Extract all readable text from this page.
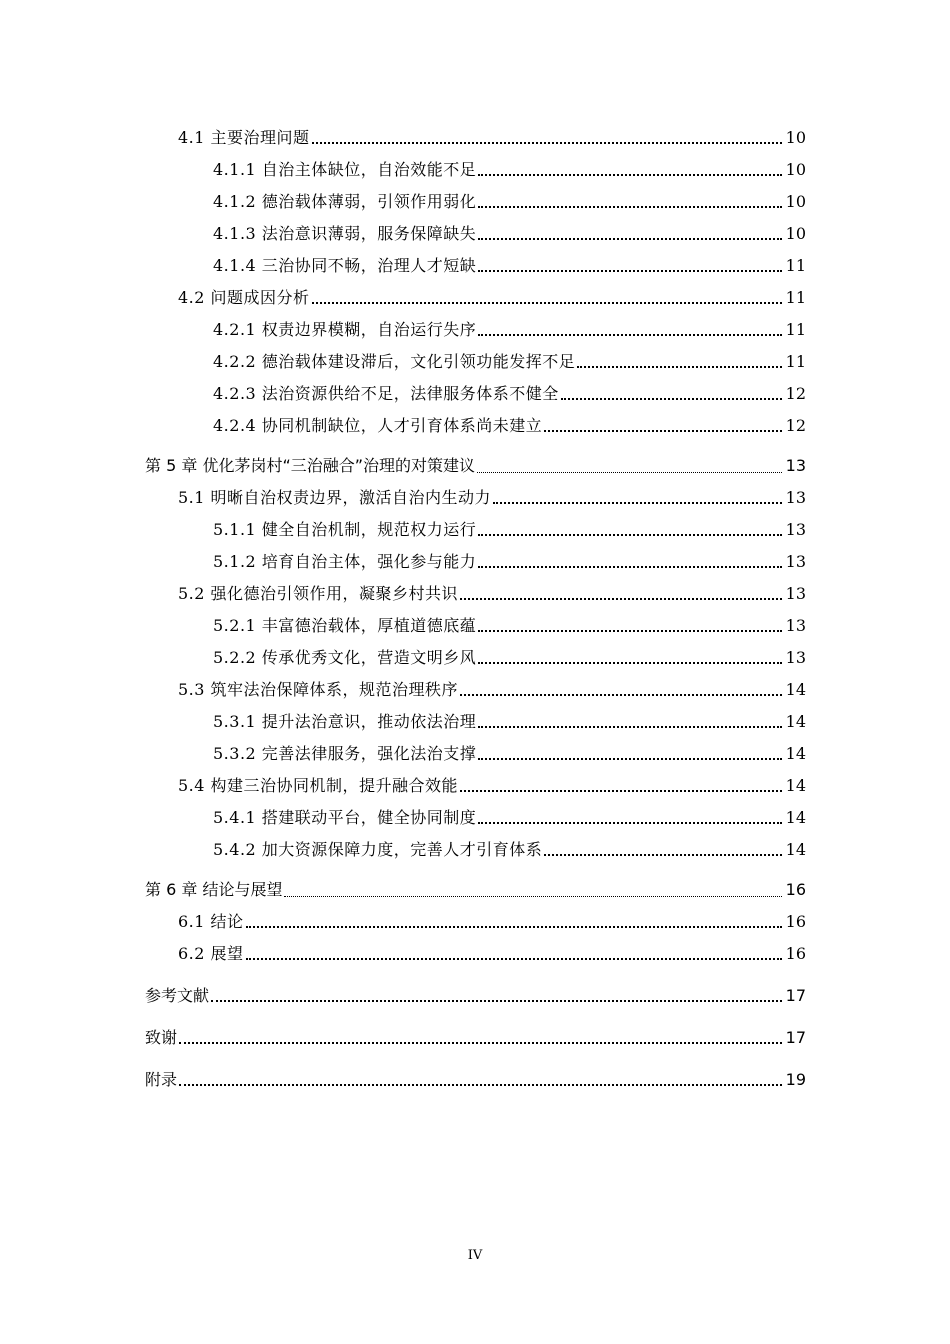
4.1 主要治理问题	10
4.1.1 自治主体缺位，自治效能不足	10
4.1.2 德治载体薄弱，引领作用弱化	10
4.1.3 法治意识薄弱，服务保障缺失	10
4.1.4 三治协同不畅，治理人才短缺	11
4.2 问题成因分析	11
4.2.1 权责边界模糊，自治运行失序	11
4.2.2 德治载体建设滞后，文化引领功能发挥不足	11
4.2.3 法治资源供给不足，法律服务体系不健全	12
4.2.4 协同机制缺位，人才引育体系尚未建立	12
第 5 章 优化茅岗村“三治融合”治理的对策建议	13
5.1 明晰自治权责边界，激活自治内生动力	13
5.1.1 健全自治机制，规范权力运行	13
5.1.2 培育自治主体，强化参与能力	13
5.2 强化德治引领作用，凝聚乡村共识	13
5.2.1 丰富德治载体，厚植道德底蕴	13
5.2.2 传承优秀文化，营造文明乡风	13
5.3 筑牢法治保障体系，规范治理秩序	14
5.3.1 提升法治意识，推动依法治理	14
5.3.2 完善法律服务，强化法治支撑	14
5.4 构建三治协同机制，提升融合效能	14
5.4.1 搭建联动平台，健全协同制度	14
5.4.2 加大资源保障力度，完善人才引育体系	14
第 6 章 结论与展望	16
6.1 结论	16
6.2 展望	16
参考文献	17
致谢	17
附录	19
IV
